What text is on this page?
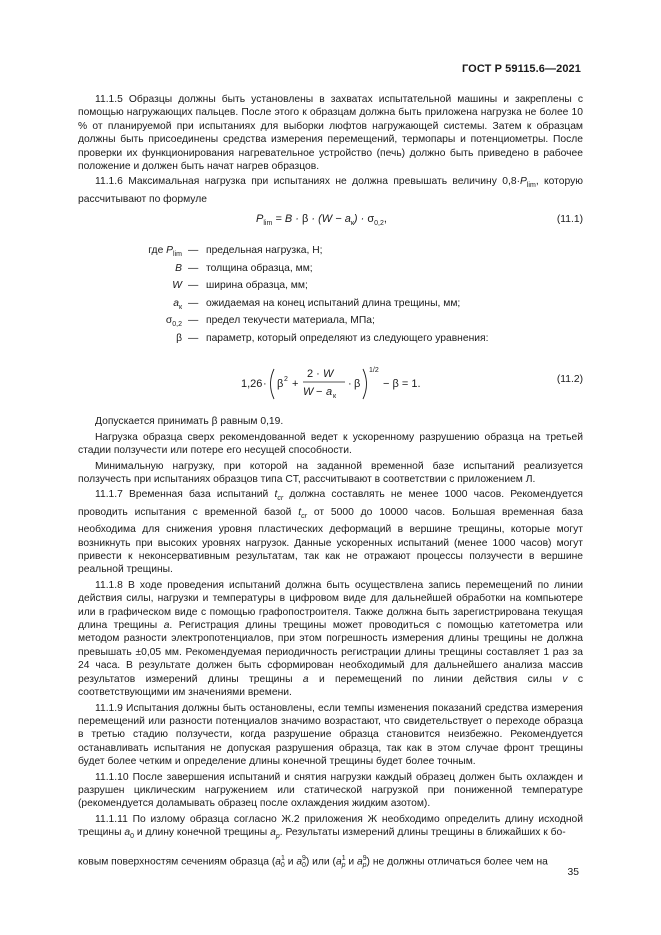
ГОСТ Р 59115.6—2021

11.1.5 Образцы должны быть установлены в захватах испытательной машины и закреплены с помощью нагружающих пальцев. После этого к образцам должна быть приложена нагрузка не более 10 % от планируемой при испытаниях для выборки люфтов нагружающей системы. Затем к образцам должны быть присоединены средства измерения перемещений, термопары и потенциометры. После проверки их функционирования нагревательное устройство (печь) должно быть приведено в рабочее положение и должен быть начат нагрев образцов.

11.1.6 Максимальная нагрузка при испытаниях не должна превышать величину $0,8\cdot P_{lim}$, которую рассчитывают по формуле

$P_{lim} = B \cdot \beta \cdot (W - a_к) \cdot \sigma_{0,2}$,	(11.1)
где $P_{lim}$ — предельная нагрузка, Н;
B — толщина образца, мм;
W — ширина образца, мм;
$a_к$ — ожидаемая на конец испытаний длина трещины, мм;
$\sigma_{0,2}$ — предел текучести материала, МПа;
β — параметр, который определяют из следующего уравнения:
1,26 · β 2 +
2 · W
W − a к
· β
1/2
− β = 1.	(11.2)

Допускается принимать β равным 0,19.

Нагрузка образца сверх рекомендованной ведет к ускоренному разрушению образца на третьей стадии ползучести или потере его несущей способности.

Минимальную нагрузку, при которой на заданной временной базе испытаний реализуется ползучесть при испытаниях образцов типа CT, рассчитывают в соответствии с приложением Л.

11.1.7 Временная база испытаний $t_{cr}$ должна составлять не менее 1000 часов. Рекомендуется проводить испытания с временной базой $t_{cr}$ от 5000 до 10000 часов. Большая временная база необходима для снижения уровня пластических деформаций в вершине трещины, которые могут возникнуть при высоких уровнях нагрузок. Данные ускоренных испытаний (менее 1000 часов) могут привести к неконсервативным результатам, так как не отражают процессы ползучести в вершине реальной трещины.

11.1.8 В ходе проведения испытаний должна быть осуществлена запись перемещений по линии действия силы, нагрузки и температуры в цифровом виде для дальнейшей обработки на компьютере или в графическом виде с помощью графопостроителя. Также должна быть зарегистрирована текущая длина трещины a. Регистрация длины трещины может проводиться с помощью катетометра или методом разности электропотенциалов, при этом погрешность измерения длины трещины не должна превышать ±0,05 мм. Рекомендуемая периодичность регистрации длины трещины составляет 1 раз за 24 часа. В результате должен быть сформирован необходимый для дальнейшего анализа массив результатов измерений длины трещины a и перемещений по линии действия силы v с соответствующими им значениями времени.

11.1.9 Испытания должны быть остановлены, если темпы изменения показаний средства измерения перемещений или разности потенциалов значимо возрастают, что свидетельствует о переходе образца в третью стадию ползучести, когда разрушение образца становится неизбежно. Рекомендуется останавливать испытания не допуская разрушения образца, так как в этом случае фронт трещины будет более четким и определение длины конечной трещины будет более точным.

11.1.10 После завершения испытаний и снятия нагрузки каждый образец должен быть охлажден и разрушен циклическим нагружением или статической нагрузкой при пониженной температуре (рекомендуется доламывать образец после охлаждения жидким азотом).

11.1.11 По излому образца согласно Ж.2 приложения Ж необходимо определить длину исходной трещины $a_0$ и длину конечной трещины $a_p$. Результаты измерений длины трещины в ближайших к бо-

ковым поверхностям сечениям образца ($a^1_0$ и $a^9_0$) или ($a^1_p$ и $a^9_p$) не должны отличаться более чем на
35
